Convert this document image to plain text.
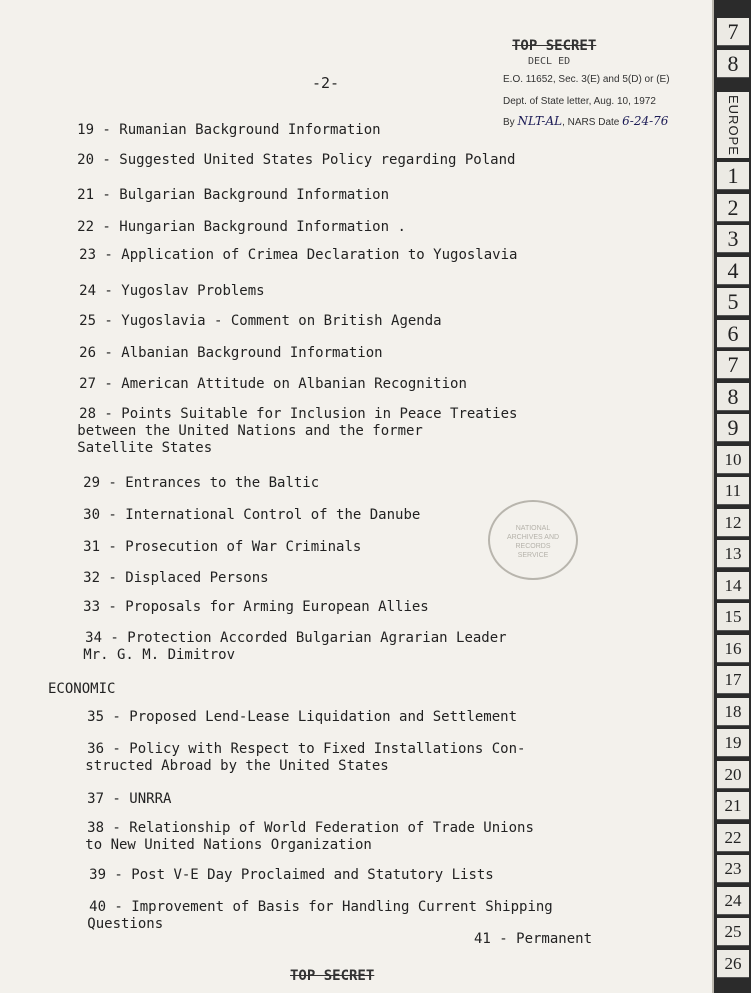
TOP SECRET
DECL ED
-2-	E.O. 11652, Sec. 3(E) and 5(D) or (E)
Dept. of State letter, Aug. 10, 1972
By NLT-AL, NARS Date 6-24-76
19 - Rumanian Background Information
20 - Suggested United States Policy regarding Poland
21 - Bulgarian Background Information
22 - Hungarian Background Information .
23 - Application of Crimea Declaration to Yugoslavia
24 - Yugoslav Problems
25 - Yugoslavia - Comment on British Agenda
26 - Albanian Background Information
27 - American Attitude on Albanian Recognition
28 - Points Suitable for Inclusion in Peace Treaties
between the United Nations and the former
Satellite States
29 - Entrances to the Baltic
30 - International Control of the Danube
31 - Prosecution of War Criminals
32 - Displaced Persons
33 - Proposals for Arming European Allies
34 - Protection Accorded Bulgarian Agrarian Leader
Mr. G. M. Dimitrov
35 - Proposed Lend-Lease Liquidation and Settlement
36 - Policy with Respect to Fixed Installations Con-
structed Abroad by the United States
37 - UNRRA
38 - Relationship of World Federation of Trade Unions
to New United Nations Organization
39 - Post V-E Day Proclaimed and Statutory Lists
40 - Improvement of Basis for Handling Current Shipping
Questions
ECONOMIC
41 - Permanent
TOP SECRET
NATIONAL ARCHIVES AND RECORDS SERVICE
7
8
EUROPE
1
2
3
4
5
6
7
8
9
10
11
12
13
14
15
16
17
18
19
20
21
22
23
24
25
26
